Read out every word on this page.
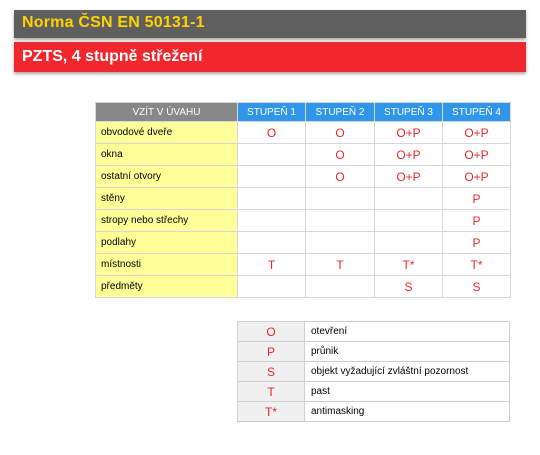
Norma ČSN EN 50131-1
PZTS, 4 stupně střežení
VZÍT V ÚVAHU	STUPEŇ 1	STUPEŇ 2	STUPEŇ 3	STUPEŇ 4
obvodové dveře	O	O	O+P	O+P
okna		O	O+P	O+P
ostatní otvory		O	O+P	O+P
stěny				P
stropy nebo střechy				P
podlahy				P
místnosti	T	T	T*	T*
předměty			S	S
O	otevření
P	průnik
S	objekt vyžadující zvláštní pozornost
T	past
T*	antimasking
